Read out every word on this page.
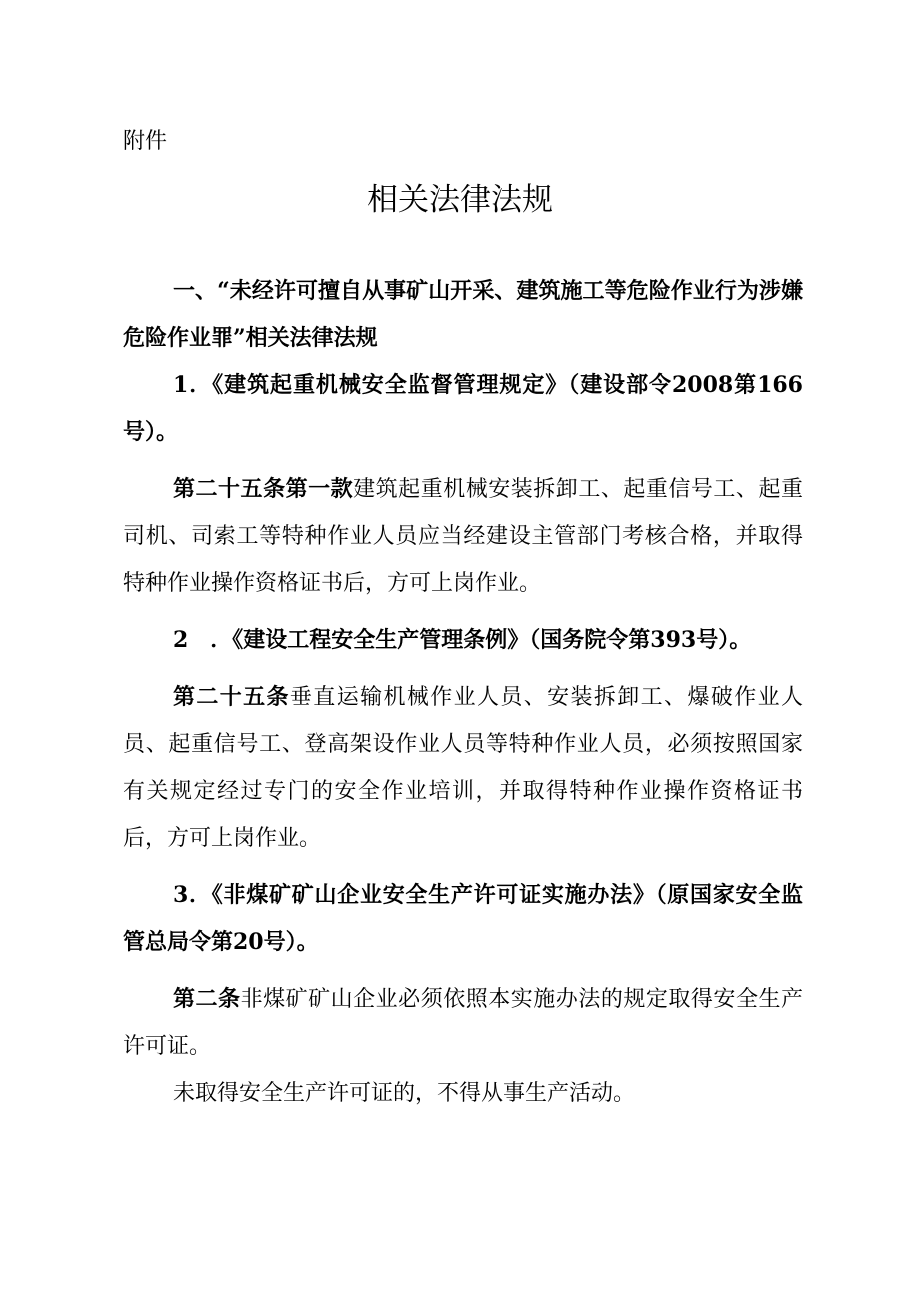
附件
相关法律法规

一、“未经许可擅自从事矿山开采、建筑施工等危险作业行为涉嫌危险作业罪”相关法律法规

1．《建筑起重机械安全监督管理规定》（建设部令2008第166号）。

第二十五条第一款建筑起重机械安装拆卸工、起重信号工、起重司机、司索工等特种作业人员应当经建设主管部门考核合格，并取得特种作业操作资格证书后，方可上岗作业。

2　．《建设工程安全生产管理条例》（国务院令第393号）。

第二十五条垂直运输机械作业人员、安装拆卸工、爆破作业人员、起重信号工、登高架设作业人员等特种作业人员，必须按照国家有关规定经过专门的安全作业培训，并取得特种作业操作资格证书后，方可上岗作业。

3．《非煤矿矿山企业安全生产许可证实施办法》（原国家安全监管总局令第20号）。

第二条非煤矿矿山企业必须依照本实施办法的规定取得安全生产许可证。

未取得安全生产许可证的，不得从事生产活动。
